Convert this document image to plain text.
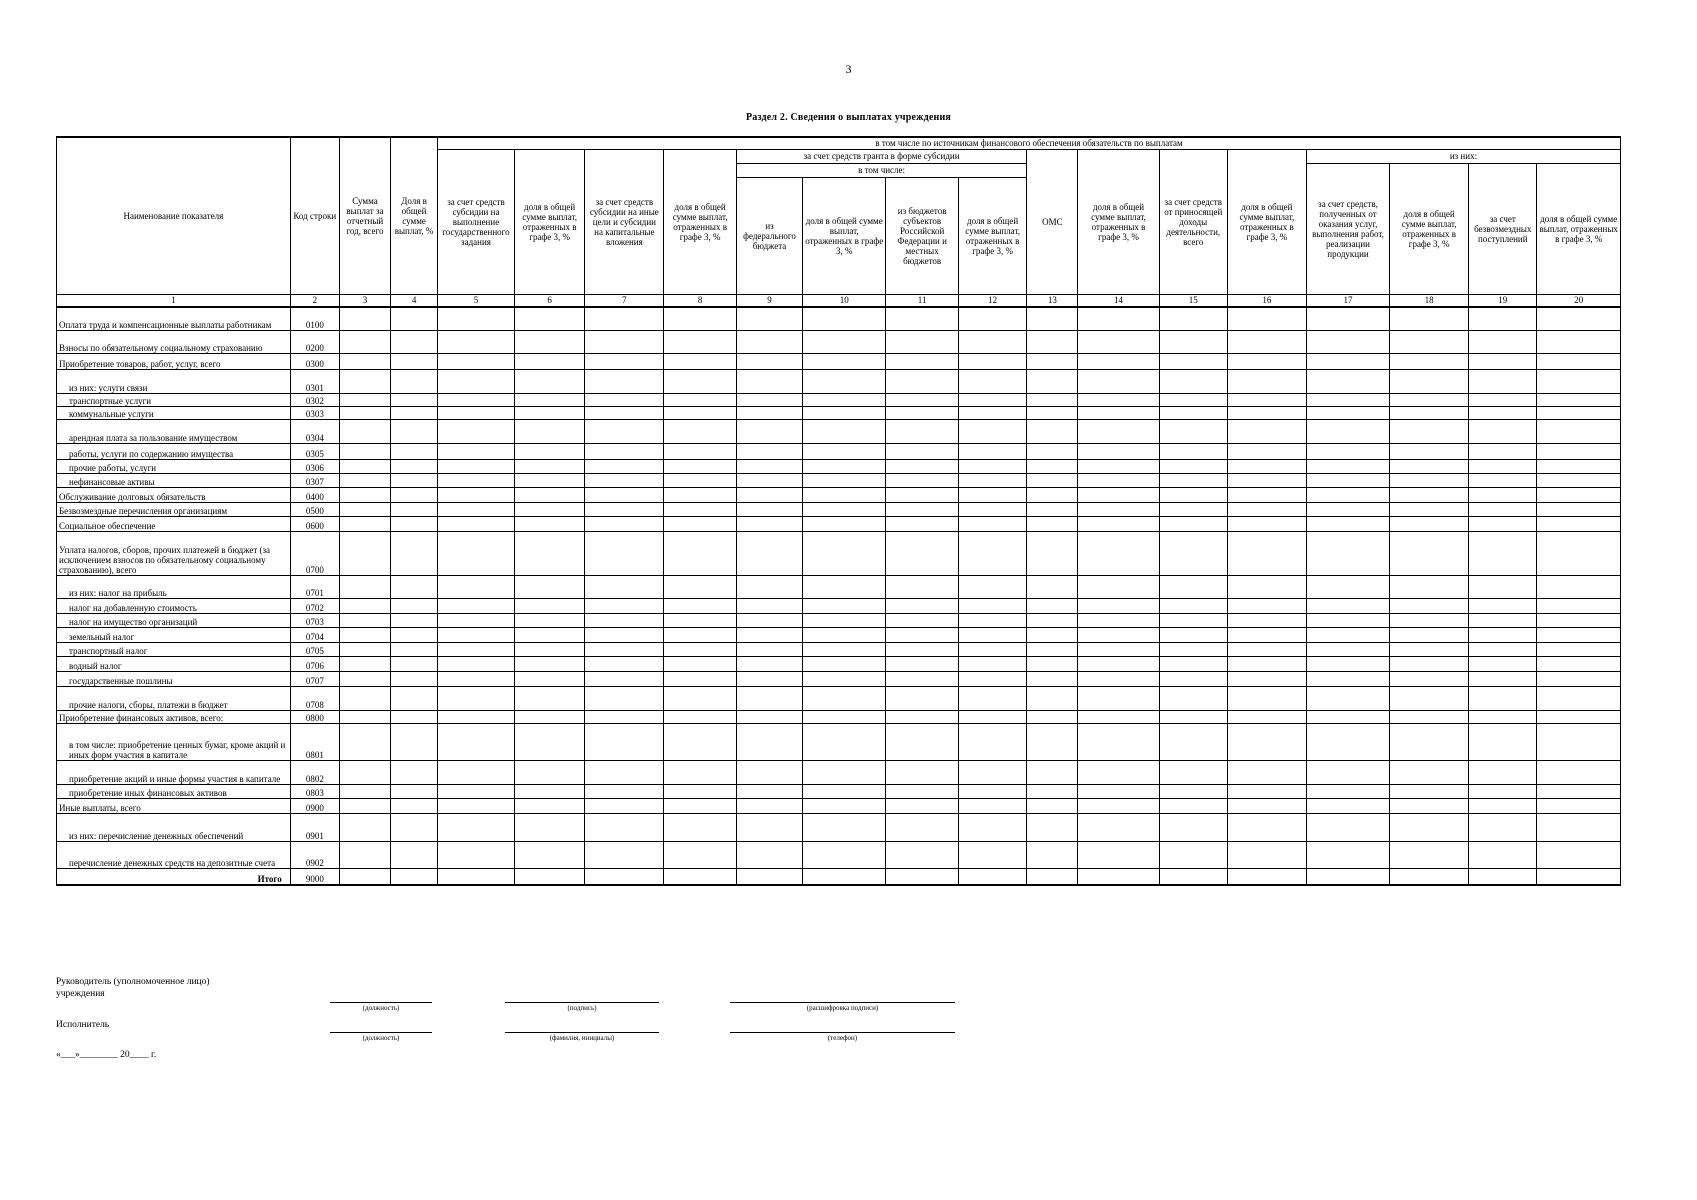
3
Раздел 2. Сведения о выплатах учреждения
Наименование показателя	Код строки	Сумма выплат за отчетный год, всего	Доля в общей сумме выплат, %	в том числе по источникам финансового обеспечения обязательств по выплатам															
				за счет средств субсидии на выполнение государственного задания	доля в общей сумме выплат, отраженных в графе 3, %	за счет средств субсидии на иные цели и субсидии на капитальные вложения	доля в общей сумме выплат, отраженных в графе 3, %	за счет средств гранта в форме субсидии				ОМС	доля в общей сумме выплат, отраженных в графе 3, %	за счет средств от приносящей доходы деятельности, всего	доля в общей сумме выплат, отраженных в графе 3, %	из них:			
								в том числе:								за счет средств, полученных от оказания услуг, выполнения работ, реализации продукции	доля в общей сумме выплат, отраженных в графе 3, %	за счет безвозмездных поступлений	доля в общей сумме выплат, отраженных в графе 3, %
								из федерального бюджета	доля в общей сумме выплат, отраженных в графе 3, %	из бюджетов субъектов Российской Федерации и местных бюджетов	доля в общей сумме выплат, отраженных в графе 3, %								
1	2	3	4	5	6	7	8	9	10	11	12	13	14	15	16	17	18	19	20
Оплата труда и компенсационные выплаты работникам	0100																		
Взносы по обязательному социальному страхованию	0200																		
Приобретение товаров, работ, услуг, всего	0300																		
из них: услуги связи	0301																		
транспортные услуги	0302																		
коммунальные услуги	0303																		
арендная плата за пользование имуществом	0304																		
работы, услуги по содержанию имущества	0305																		
прочие работы, услуги	0306																		
нефинансовые активы	0307																		
Обслуживание долговых обязательств	0400																		
Безвозмездные перечисления организациям	0500																		
Социальное обеспечение	0600																		
Уплата налогов, сборов, прочих платежей в бюджет (за исключением взносов по обязательному социальному страхованию), всего	0700																		
из них: налог на прибыль	0701																		
налог на добавленную стоимость	0702																		
налог на имущество организаций	0703																		
земельный налог	0704																		
транспортный налог	0705																		
водный налог	0706																		
государственные пошлины	0707																		
прочие налоги, сборы, платежи в бюджет	0708																		
Приобретение финансовых активов, всего:	0800																		
в том числе: приобретение ценных бумаг, кроме акций и иных форм участия в капитале	0801																		
приобретение акций и иные формы участия в капитале	0802																		
приобретение иных финансовых активов	0803																		
Иные выплаты, всего	0900																		
из них: перечисление денежных обеспечений	0901																		
перечисление денежных средств на депозитные счета	0902																		
Итого	9000																		
Руководитель (уполномоченное лицо) учреждения
(должность)	(подпись)	(расшифровка подписи)
Исполнитель
(должность)	(фамилия, инициалы)	(телефон)
«___»________ 20____ г.
